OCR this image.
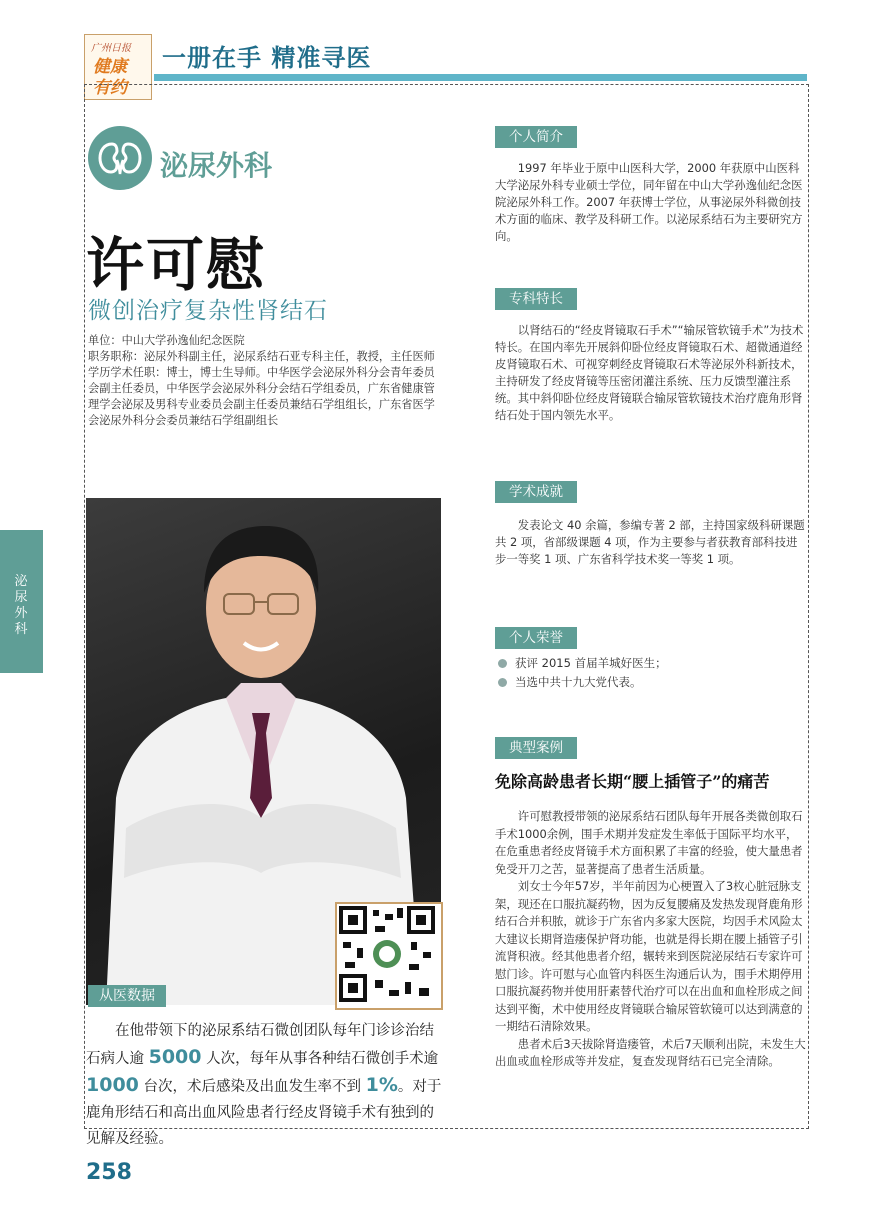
广州日报
健康
有约
一册在手 精准寻医
泌尿外科
泌尿外科
许可慰
微创治疗复杂性肾结石

单位：中山大学孙逸仙纪念医院

职务职称：泌尿外科副主任，泌尿系结石亚专科主任，教授，主任医师

学历学术任职：博士，博士生导师。中华医学会泌尿外科分会青年委员会副主任委员，中华医学会泌尿外科分会结石学组委员，广东省健康管理学会泌尿及男科专业委员会副主任委员兼结石学组组长，广东省医学会泌尿外科分会委员兼结石学组副组长

从医数据
在他带领下的泌尿系结石微创团队每年门诊诊治结石病人逾 5000 人次，每年从事各种结石微创手术逾 1000 台次，术后感染及出血发生率不到 1%。对于鹿角形结石和高出血风险患者行经皮肾镜手术有独到的见解及经验。
个人简介

1997 年毕业于原中山医科大学，2000 年获原中山医科大学泌尿外科专业硕士学位，同年留在中山大学孙逸仙纪念医院泌尿外科工作。2007 年获博士学位，从事泌尿外科微创技术方面的临床、教学及科研工作。以泌尿系结石为主要研究方向。

专科特长

以肾结石的“经皮肾镜取石手术”“输尿管软镜手术”为技术特长。在国内率先开展斜仰卧位经皮肾镜取石术、超微通道经皮肾镜取石术、可视穿刺经皮肾镜取石术等泌尿外科新技术，主持研发了经皮肾镜等压密闭灌注系统、压力反馈型灌注系统。其中斜仰卧位经皮肾镜联合输尿管软镜技术治疗鹿角形肾结石处于国内领先水平。

学术成就

发表论文 40 余篇，参编专著 2 部，主持国家级科研课题共 2 项，省部级课题 4 项，作为主要参与者获教育部科技进步一等奖 1 项、广东省科学技术奖一等奖 1 项。

个人荣誉
获评 2015 首届羊城好医生；
当选中共十九大党代表。
典型案例
免除高龄患者长期“腰上插管子”的痛苦

许可慰教授带领的泌尿系结石团队每年开展各类微创取石手术1000余例，围手术期并发症发生率低于国际平均水平，在危重患者经皮肾镜手术方面积累了丰富的经验，使大量患者免受开刀之苦，显著提高了患者生活质量。

刘女士今年57岁，半年前因为心梗置入了3枚心脏冠脉支架，现还在口服抗凝药物，因为反复腰痛及发热发现肾鹿角形结石合并积脓，就诊于广东省内多家大医院，均因手术风险太大建议长期肾造瘘保护肾功能，也就是得长期在腰上插管子引流肾积液。经其他患者介绍，辗转来到医院泌尿结石专家许可慰门诊。许可慰与心血管内科医生沟通后认为，围手术期停用口服抗凝药物并使用肝素替代治疗可以在出血和血栓形成之间达到平衡，术中使用经皮肾镜联合输尿管软镜可以达到满意的一期结石清除效果。

患者术后3天拔除肾造瘘管，术后7天顺利出院，未发生大出血或血栓形成等并发症，复查发现肾结石已完全清除。

258
